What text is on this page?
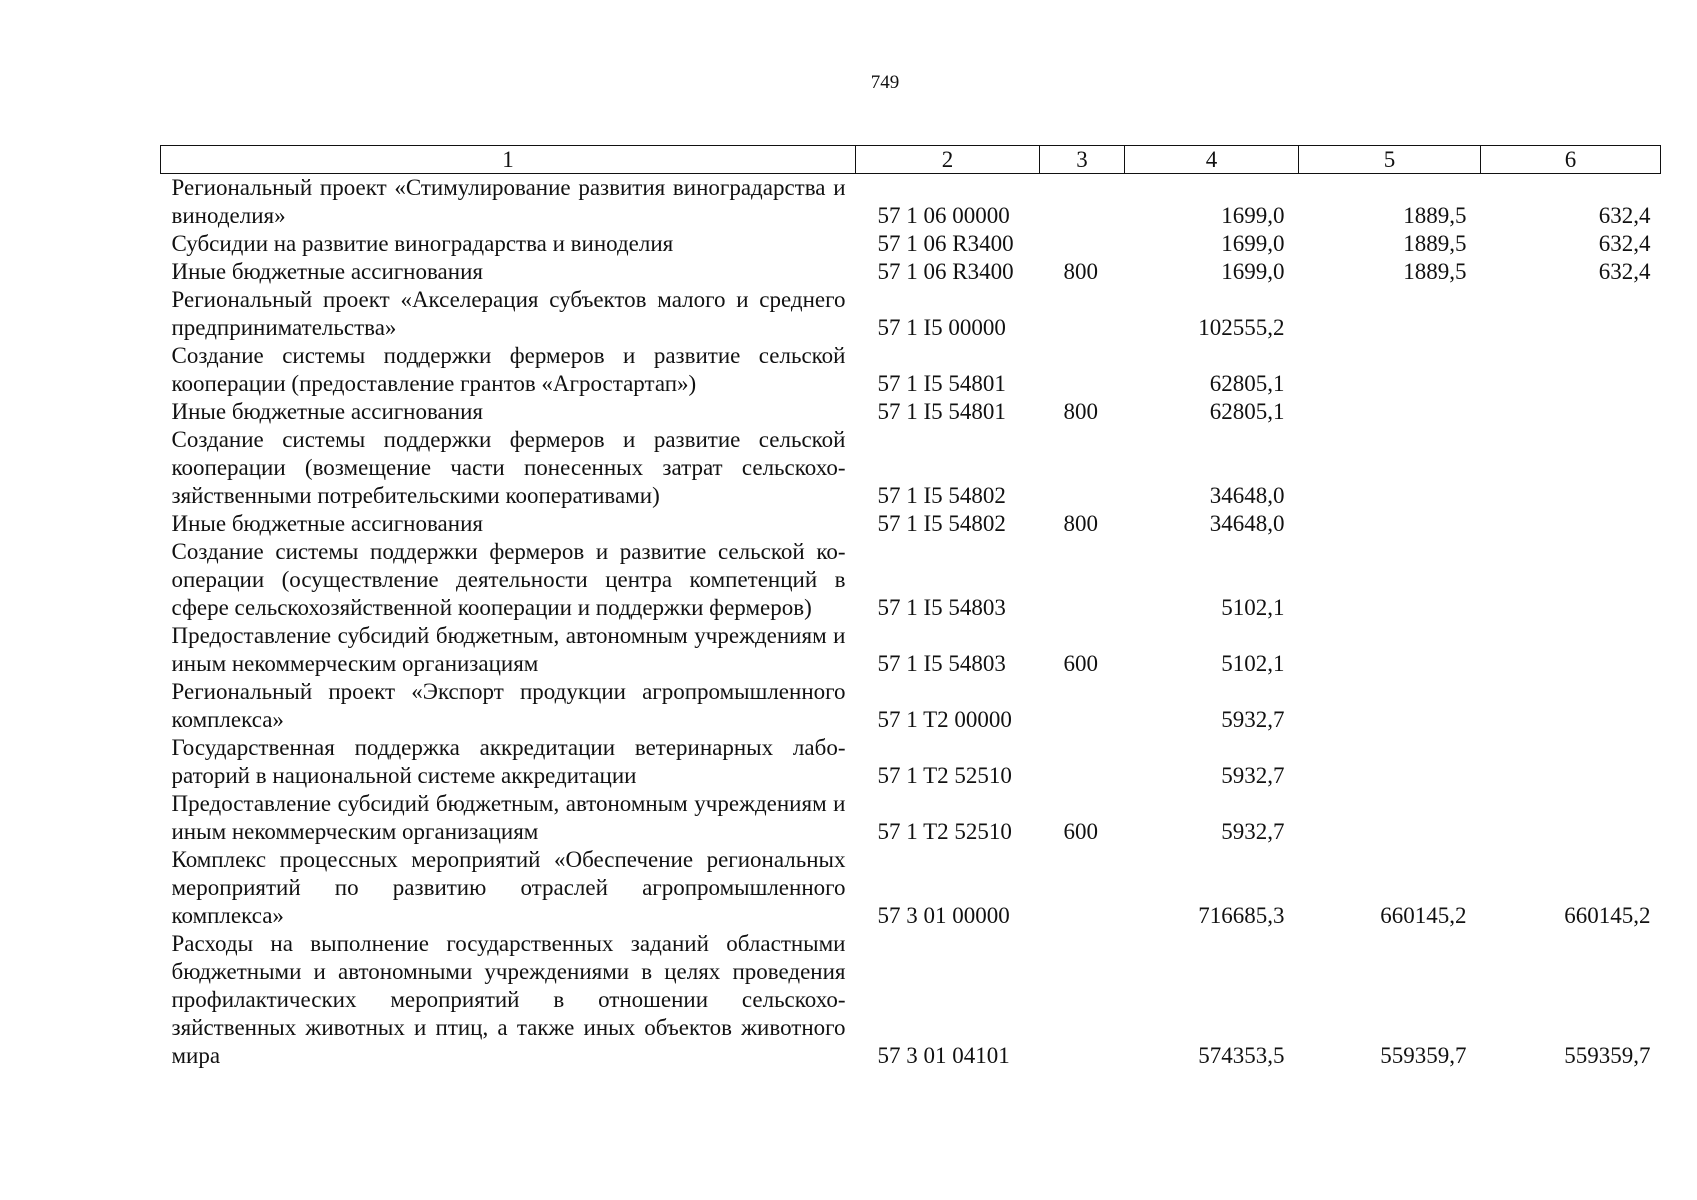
749
1	2	3	4	5	6
Региональный проект «Стимулирование развития виноградарства и виноделия»	57 1 06 00000		1699,0	1889,5	632,4
Субсидии на развитие виноградарства и виноделия	57 1 06 R3400		1699,0	1889,5	632,4
Иные бюджетные ассигнования	57 1 06 R3400	800	1699,0	1889,5	632,4
Региональный проект «Акселерация субъектов малого и среднего предпринимательства»	57 1 I5 00000		102555,2		
Создание системы поддержки фермеров и развитие сельской кооперации (предоставление грантов «Агростартап»)	57 1 I5 54801		62805,1		
Иные бюджетные ассигнования	57 1 I5 54801	800	62805,1		
Создание системы поддержки фермеров и развитие сельской кооперации (возмещение части понесенных затрат сельскохозяйственными потребительскими кооперативами)	57 1 I5 54802		34648,0		
Иные бюджетные ассигнования	57 1 I5 54802	800	34648,0		
Создание системы поддержки фермеров и развитие сельской кооперации (осуществление деятельности центра компетенций в сфере сельскохозяйственной кооперации и поддержки фермеров)	57 1 I5 54803		5102,1		
Предоставление субсидий бюджетным, автономным учреждениям и иным некоммерческим организациям	57 1 I5 54803	600	5102,1		
Региональный проект «Экспорт продукции агропромышленного комплекса»	57 1 T2 00000		5932,7		
Государственная поддержка аккредитации ветеринарных лабораторий в национальной системе аккредитации	57 1 T2 52510		5932,7		
Предоставление субсидий бюджетным, автономным учреждениям и иным некоммерческим организациям	57 1 T2 52510	600	5932,7		
Комплекс процессных мероприятий «Обеспечение региональных мероприятий по развитию отраслей агропромышленного комплекса»	57 3 01 00000		716685,3	660145,2	660145,2
Расходы на выполнение государственных заданий областными бюджетными и автономными учреждениями в целях проведения профилактических мероприятий в отношении сельскохозяйственных животных и птиц, а также иных объектов животного мира	57 3 01 04101		574353,5	559359,7	559359,7
